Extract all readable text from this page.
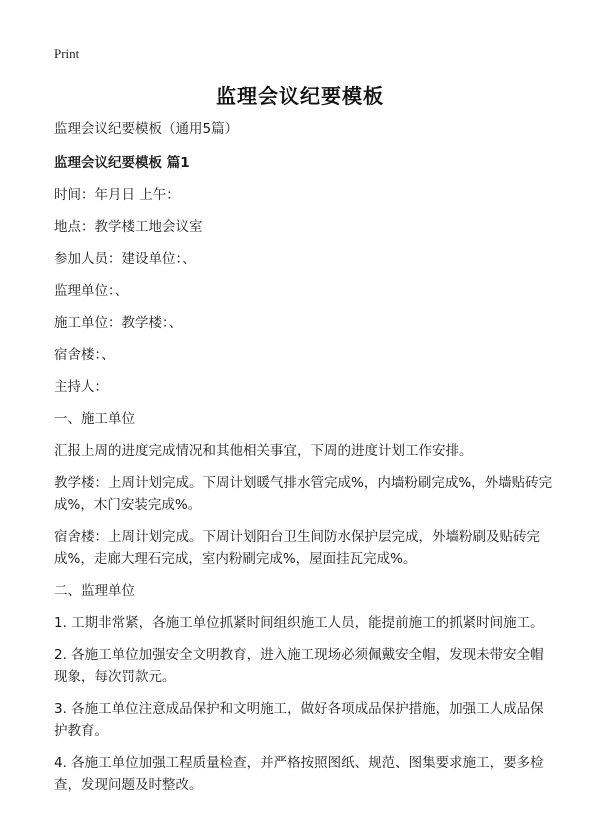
Print
监理会议纪要模板

监理会议纪要模板（通用5篇）

监理会议纪要模板 篇1

时间：年月日 上午：

地点：教学楼工地会议室

参加人员：建设单位：、

监理单位：、

施工单位：教学楼：、

宿舍楼：、

主持人：

一、施工单位

汇报上周的进度完成情况和其他相关事宜，下周的进度计划工作安排。

教学楼：上周计划完成。下周计划暖气排水管完成%，内墙粉刷完成%，外墙贴砖完成%，木门安装完成%。

宿舍楼：上周计划完成。下周计划阳台卫生间防水保护层完成，外墙粉刷及贴砖完成%，走廊大理石完成，室内粉刷完成%，屋面挂瓦完成%。

二、监理单位

1. 工期非常紧，各施工单位抓紧时间组织施工人员，能提前施工的抓紧时间施工。

2. 各施工单位加强安全文明教育，进入施工现场必须佩戴安全帽，发现未带安全帽现象，每次罚款元。

3. 各施工单位注意成品保护和文明施工，做好各项成品保护措施，加强工人成品保护教育。

4. 各施工单位加强工程质量检查，并严格按照图纸、规范、图集要求施工，要多检查，发现问题及时整改。
